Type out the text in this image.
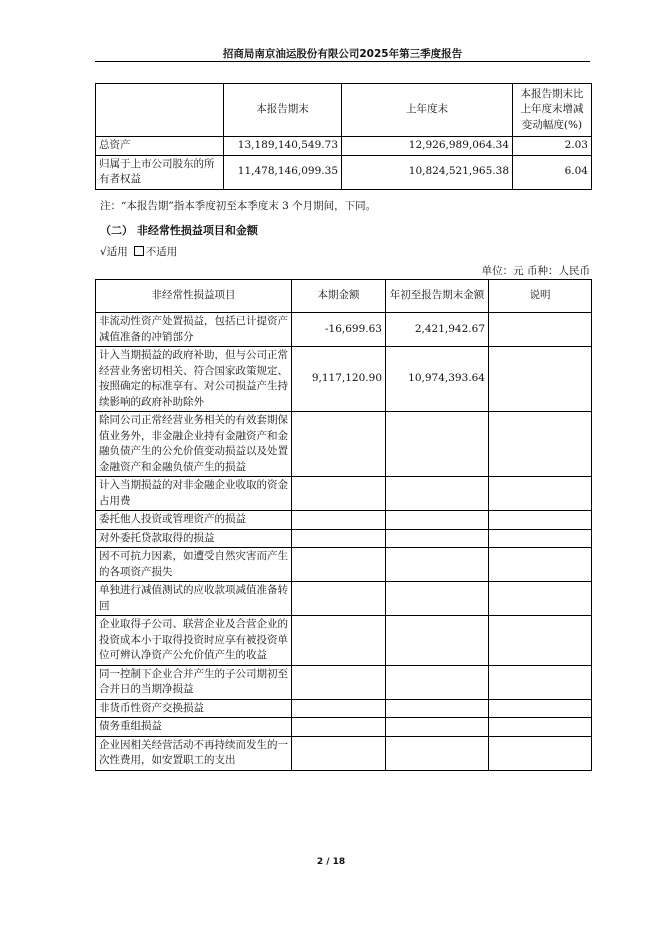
招商局南京油运股份有限公司2025年第三季度报告
	本报告期末	上年度末	本报告期末比上年度末增减变动幅度(%)
总资产	13,189,140,549.73	12,926,989,064.34	2.03
归属于上市公司股东的所有者权益	11,478,146,099.35	10,824,521,965.38	6.04
注：“本报告期”指本季度初至本季度末 3 个月期间，下同。
（二） 非经常性损益项目和金额
√适用 不适用
单位：元 币种：人民币
非经常性损益项目	本期金额	年初至报告期末金额	说明
非流动性资产处置损益，包括已计提资产减值准备的冲销部分	-16,699.63	2,421,942.67	
计入当期损益的政府补助，但与公司正常经营业务密切相关、符合国家政策规定、按照确定的标准享有、对公司损益产生持续影响的政府补助除外	9,117,120.90	10,974,393.64	
除同公司正常经营业务相关的有效套期保值业务外，非金融企业持有金融资产和金融负债产生的公允价值变动损益以及处置金融资产和金融负债产生的损益			
计入当期损益的对非金融企业收取的资金占用费			
委托他人投资或管理资产的损益			
对外委托贷款取得的损益			
因不可抗力因素，如遭受自然灾害而产生的各项资产损失			
单独进行减值测试的应收款项减值准备转回			
企业取得子公司、联营企业及合营企业的投资成本小于取得投资时应享有被投资单位可辨认净资产公允价值产生的收益			
同一控制下企业合并产生的子公司期初至合并日的当期净损益			
非货币性资产交换损益			
债务重组损益			
企业因相关经营活动不再持续而发生的一次性费用，如安置职工的支出			
2 / 18
